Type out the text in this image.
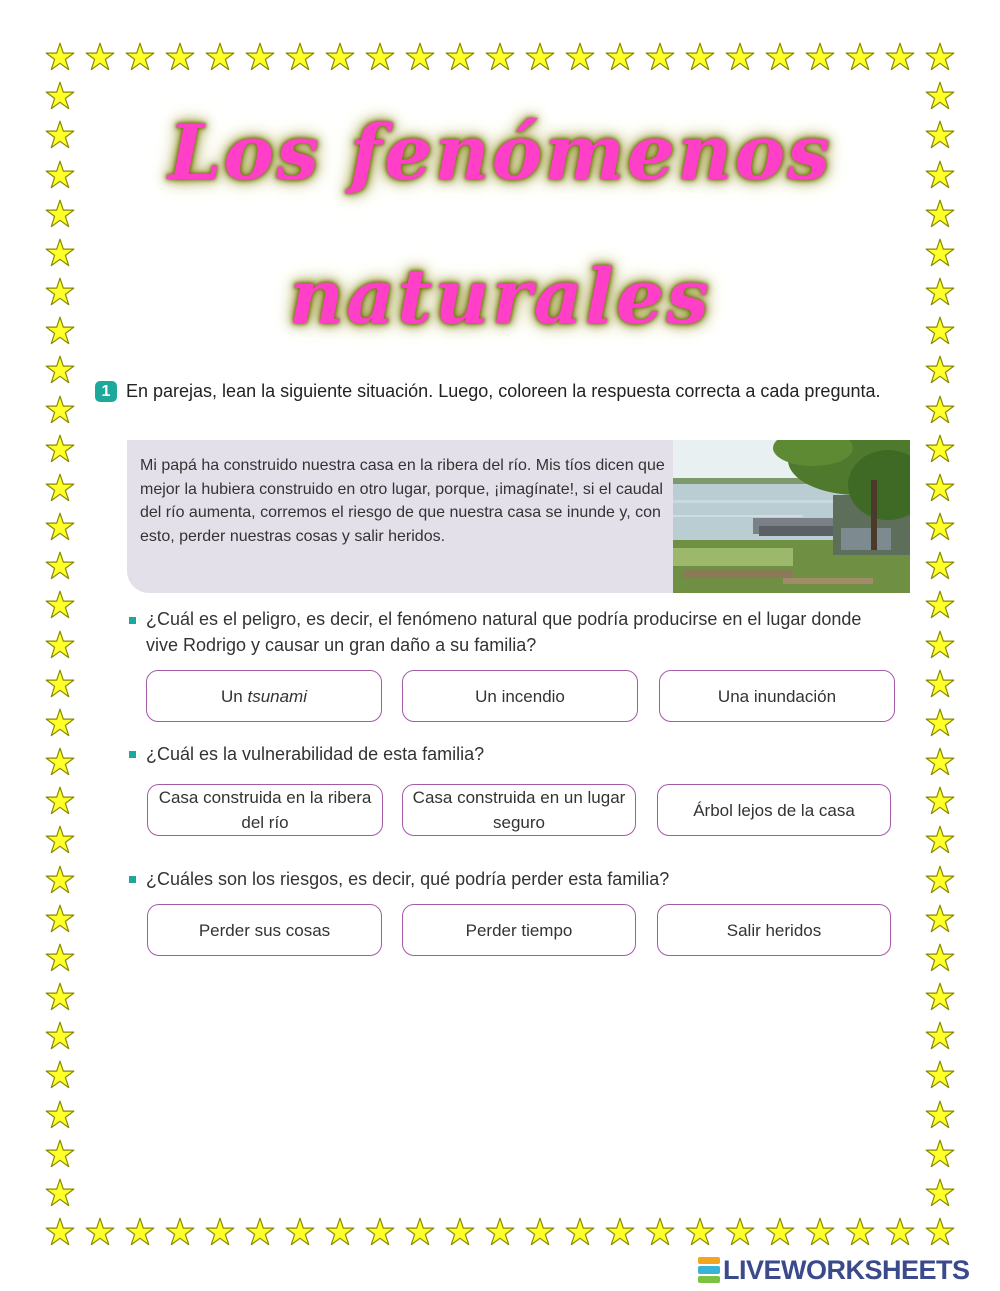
Los fenómenos
naturales
1 En parejas, lean la siguiente situación. Luego, coloreen la respuesta correcta a cada pregunta.
Mi papá ha construido nuestra casa en la ribera del río. Mis tíos dicen que mejor la hubiera construido en otro lugar, porque, ¡imagínate!, si el caudal del río aumenta, corremos el riesgo de que nuestra casa se inunde y, con esto, perder nuestras cosas y salir heridos.
¿Cuál es el peligro, es decir, el fenómeno natural que podría producirse en el lugar donde vive Rodrigo y causar un gran daño a su familia?
Un tsunami	Un incendio	Una inundación
¿Cuál es la vulnerabilidad de esta familia?
Casa construida en la ribera del río
Casa construida en un lugar seguro
Árbol lejos de la casa
¿Cuáles son los riesgos, es decir, qué podría perder esta familia?
Perder sus cosas	Perder tiempo	Salir heridos
LIVEWORKSHEETS
